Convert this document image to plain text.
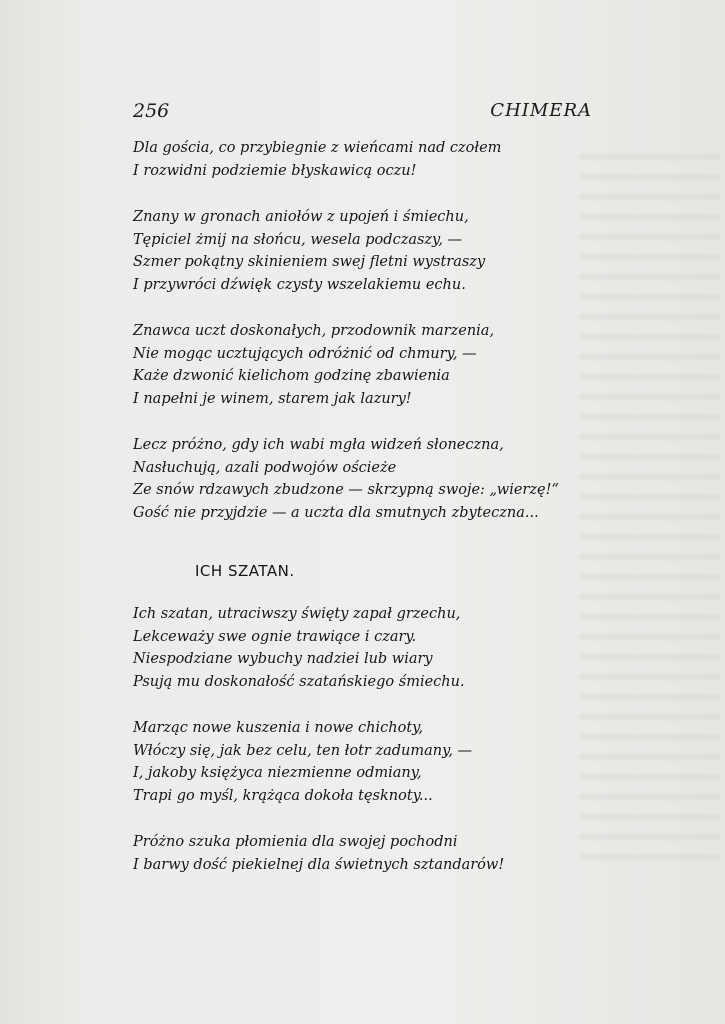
256	CHIMERA
Dla gościa, co przybiegnie z wieńcami nad czołem
I rozwidni podziemie błyskawicą oczu!
Znany w gronach aniołów z upojeń i śmiechu,
Tępiciel żmij na słońcu, wesela podczaszy, —
Szmer pokątny skinieniem swej fletni wystraszy
I przywróci dźwięk czysty wszelakiemu echu.
Znawca uczt doskonałych, przodownik marzenia,
Nie mogąc ucztujących odróżnić od chmury, —
Każe dzwonić kielichom godzinę zbawienia
I napełni je winem, starem jak lazury!
Lecz próżno, gdy ich wabi mgła widzeń słoneczna,
Nasłuchują, azali podwojów ościeże
Ze snów rdzawych zbudzone — skrzypną swoje: „wierzę!“
Gość nie przyjdzie — a uczta dla smutnych zbyteczna...
ICH SZATAN.
Ich szatan, utraciwszy święty zapał grzechu,
Lekceważy swe ognie trawiące i czary.
Niespodziane wybuchy nadziei lub wiary
Psują mu doskonałość szatańskiego śmiechu.
Marząc nowe kuszenia i nowe chichoty,
Włóczy się, jak bez celu, ten łotr zadumany, —
I, jakoby księżyca niezmienne odmiany,
Trapi go myśl, krążąca dokoła tęsknoty...
Próżno szuka płomienia dla swojej pochodni
I barwy dość piekielnej dla świetnych sztandarów!
